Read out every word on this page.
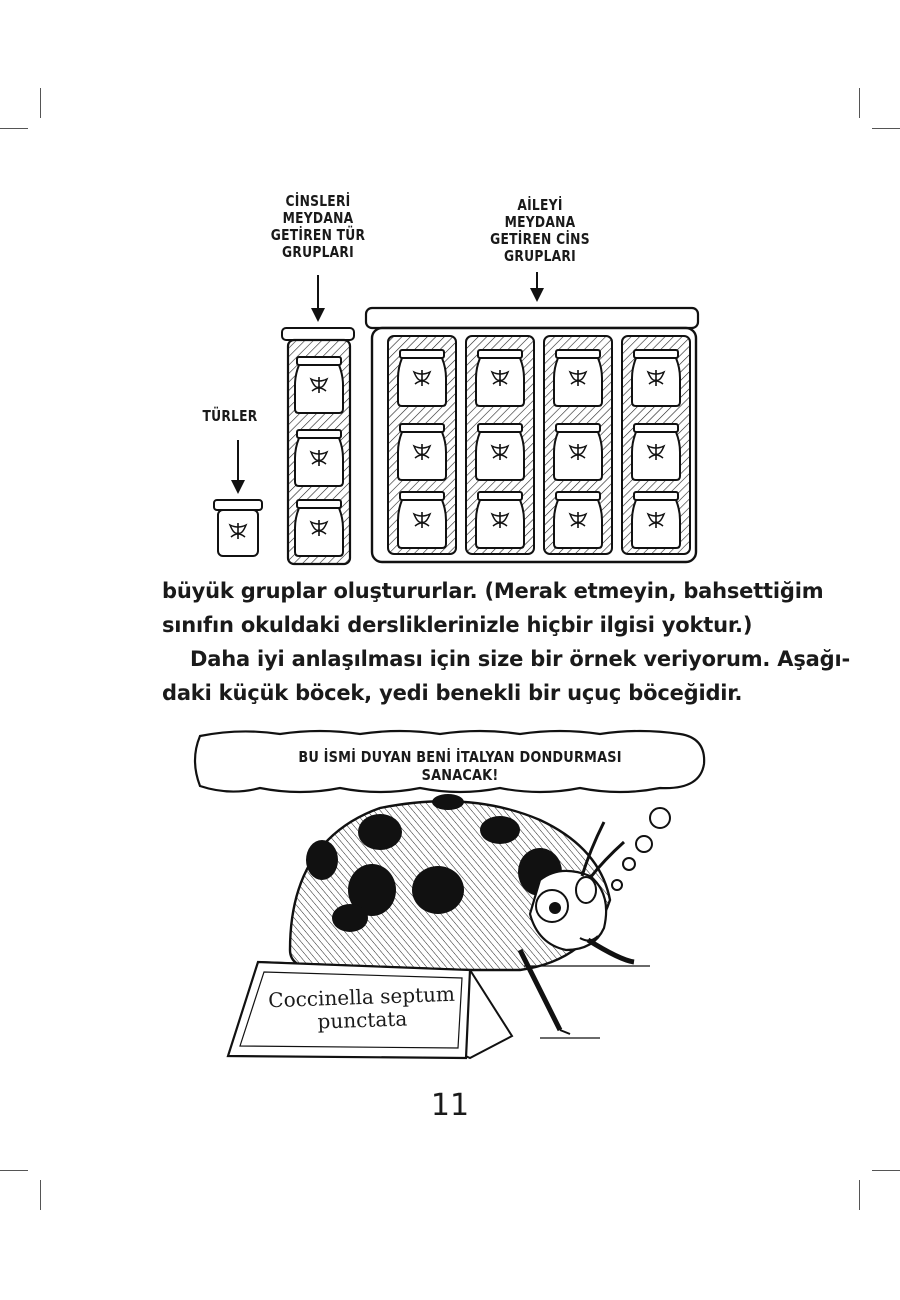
TÜRLER
CİNSLERİ
MEYDANA
GETİREN TÜR
GRUPLARI
AİLEYİ
MEYDANA
GETİREN CİNS
GRUPLARI
büyük gruplar oluştururlar. (Merak etmeyin, bahsettiğim
sınıfın okuldaki dersliklerinizle hiçbir ilgisi yoktur.)
Daha iyi anlaşılması için size bir örnek veriyorum. Aşağı-
daki küçük böcek, yedi benekli bir uçuç böceğidir.
BU İSMİ DUYAN BENİ İTALYAN DONDURMASI SANACAK!
Coccinella septum
punctata
11
